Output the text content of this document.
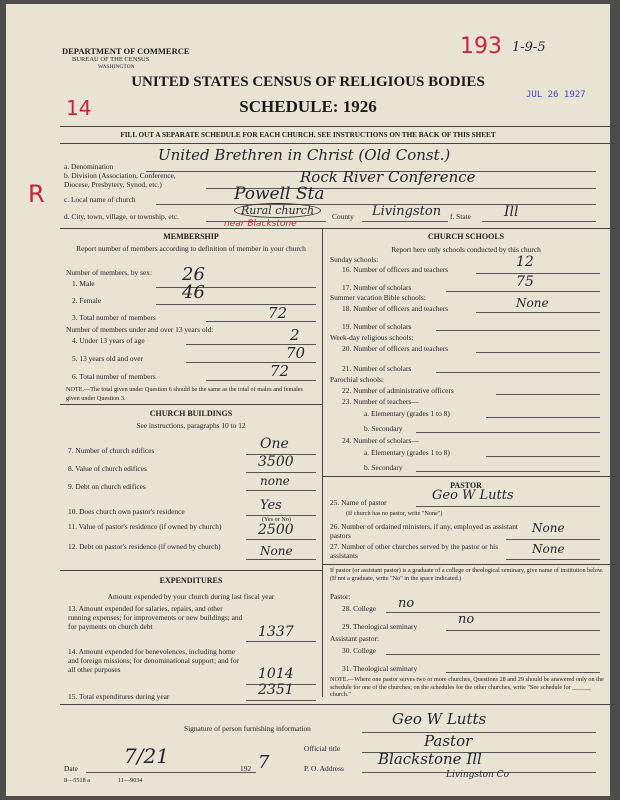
DEPARTMENT OF COMMERCE
BUREAU OF THE CENSUS
WASHINGTON
UNITED STATES CENSUS OF RELIGIOUS BODIES
SCHEDULE: 1926
FILL OUT A SEPARATE SCHEDULE FOR EACH CHURCH. SEE INSTRUCTIONS ON THE BACK OF THIS SHEET
14
193 1-9-5
R
JUL 26 1927
a. Denomination
United Brethren in Christ (Old Const.)
b. Division (Association, Conference, Diocese, Presbytery, Synod, etc.)	Rock River Conference
c. Local name of church	Powell Sta
d. City, town, village, or township, etc.	Rural church
near Blackstone
County Livingston f. State Ill
MEMBERSHIP
Report number of members according to definition of member in your church
Number of members, by sex:
1. Male	26
2. Female	46
3. Total number of members	72
Number of members under and over 13 years old:
4. Under 13 years of age	2
5. 13 years old and over	70
6. Total number of members	72
NOTE.—The total given under Question 6 should be the same as the total of males and females given under Question 3.
CHURCH BUILDINGS
See instructions, paragraphs 10 to 12
7. Number of church edifices	One
8. Value of church edifices	3500
9. Debt on church edifices	none
10. Does church own pastor's residence	Yes
(Yes or No)
11. Value of pastor's residence (if owned by church)	2500
12. Debt on pastor's residence (if owned by church)	None
EXPENDITURES
Amount expended by your church during last fiscal year
13. Amount expended for salaries, repairs, and other running expenses; for improvements or new buildings; and for payments on church debt	1337
14. Amount expended for benevolences, including home and foreign missions; for denominational support; and for all other purposes	1014
15. Total expenditures during year	2351
CHURCH SCHOOLS
Report here only schools conducted by this church
Sunday schools:
16. Number of officers and teachers	12
17. Number of scholars	75
Summer vacation Bible schools:
18. Number of officers and teachers	None
19. Number of scholars
Week-day religious schools:
20. Number of officers and teachers
21. Number of scholars
Parochial schools:
22. Number of administrative officers
23. Number of teachers—
a. Elementary (grades 1 to 8)
b. Secondary
24. Number of scholars—
a. Elementary (grades 1 to 8)
b. Secondary
PASTOR
25. Name of pastor	Geo W Lutts
(If church has no pastor, write "None")
26. Number of ordained ministers, if any, employed as assistant pastors
None
27. Number of other churches served by the pastor or his assistants	None
If pastor (or assistant pastor) is a graduate of a college or theological seminary, give name of institution below. (If not a graduate, write "No" in the space indicated.)
Pastor:
28. College no
29. Theological seminary	no
Assistant pastor:
30. College
31. Theological seminary
NOTE.—Where one pastor serves two or more churches, Questions 28 and 29 should be answered only on the schedule for one of the churches; on the schedules for the other churches, write "See schedule for ______ church."
Signature of person furnishing information
Geo W Lutts
Official title	Pastor
Date
7/21
192 7	P. O. Address
Blackstone Ill
Livingston Co
8—5518 a	11—9034
